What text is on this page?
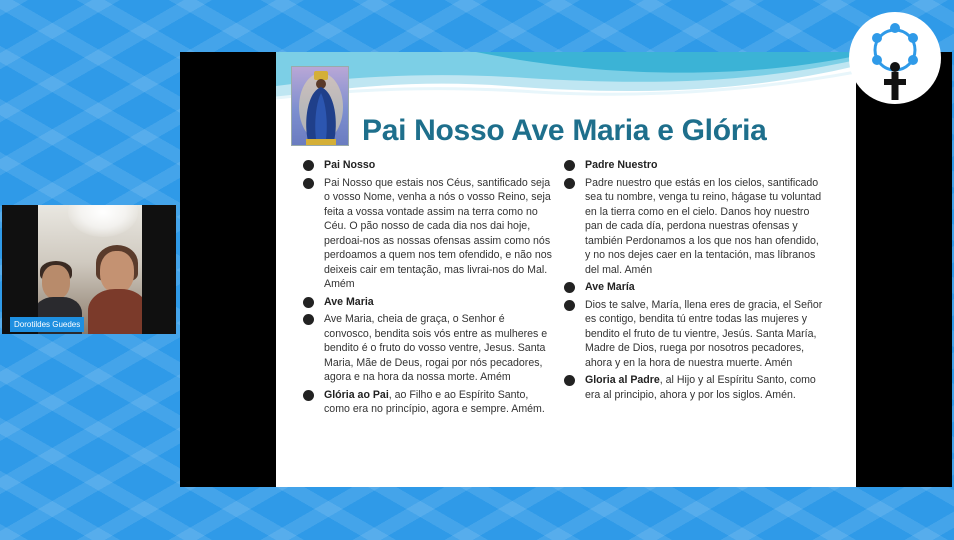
Dorotildes Guedes
Pai Nosso Ave Maria e Glória
Pai Nosso
Pai Nosso que estais nos Céus, santificado seja o vosso Nome, venha a nós o vosso Reino, seja feita a vossa vontade assim na terra como no Céu. O pão nosso de cada dia nos dai hoje, perdoai-nos as nossas ofensas assim como nós perdoamos a quem nos tem ofendido, e não nos deixeis cair em tentação, mas livrai-nos do Mal. Amém
Ave Maria
Ave Maria, cheia de graça, o Senhor é convosco, bendita sois vós entre as mulheres e bendito é o fruto do vosso ventre, Jesus. Santa Maria, Mãe de Deus, rogai por nós pecadores, agora e na hora da nossa morte. Amém
Glória ao Pai, ao Filho e ao Espírito Santo, como era no princípio, agora e sempre. Amém.
Padre Nuestro
Padre nuestro que estás en los cielos, santificado sea tu nombre, venga tu reino, hágase tu voluntad en la tierra como en el cielo. Danos hoy nuestro pan de cada día, perdona nuestras ofensas y también Perdonamos a los que nos han ofendido, y no nos dejes caer en la tentación, mas líbranos del mal. Amén
Ave María
Dios te salve, María, llena eres de gracia, el Señor es contigo, bendita tú entre todas las mujeres y bendito el fruto de tu vientre, Jesús. Santa María, Madre de Dios, ruega por nosotros pecadores, ahora y en la hora de nuestra muerte. Amén
Gloria al Padre, al Hijo y al Espíritu Santo, como era al principio, ahora y por los siglos. Amén.
